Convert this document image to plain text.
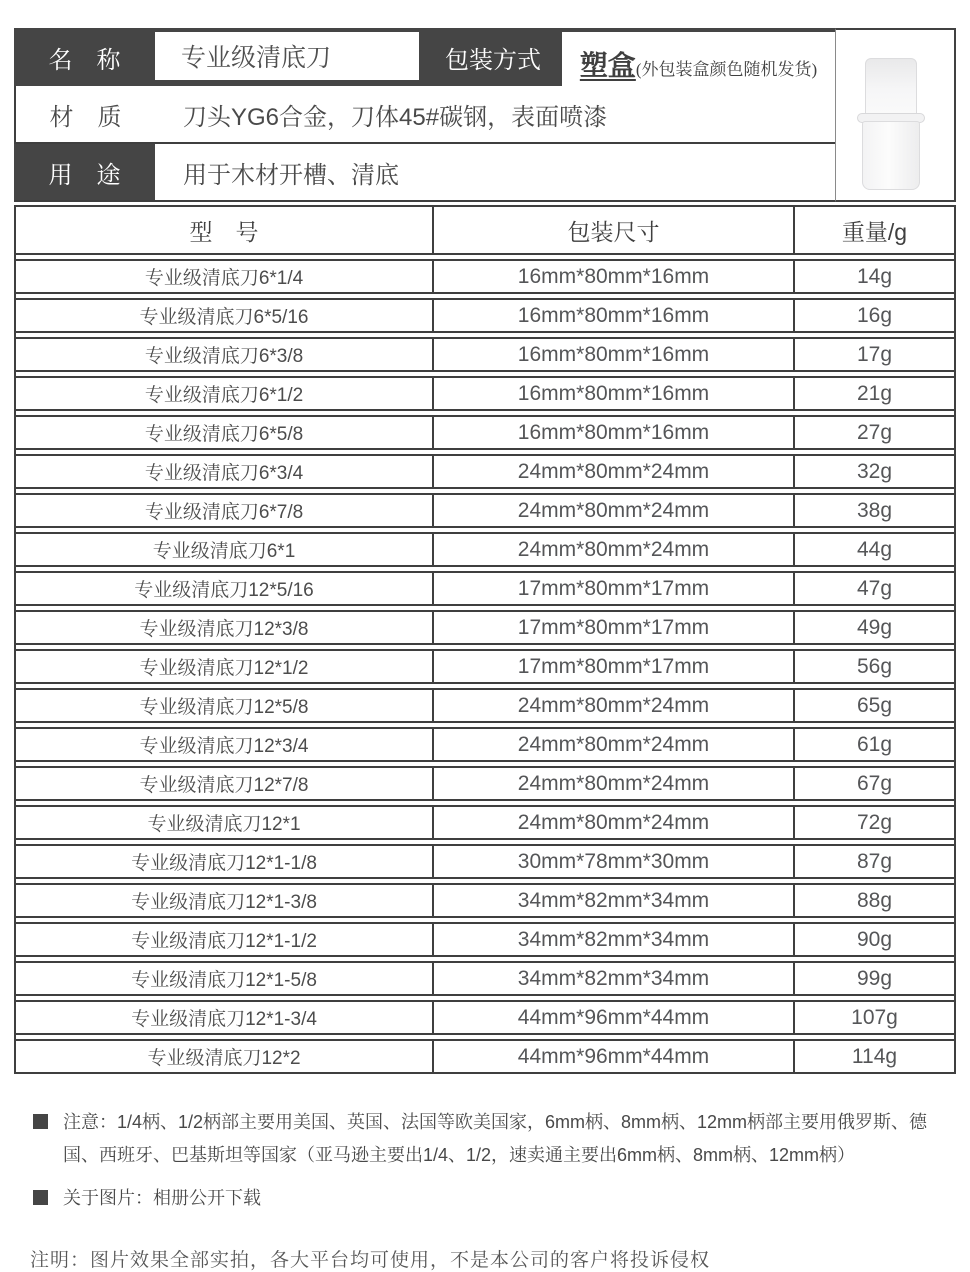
名　称	专业级清底刀	包装方式	塑盒 (外包装盒颜色随机发货)
材　质	刀头YG6合金，刀体45#碳钢，表面喷漆
用　途	用于木材开槽、清底
型　号	包装尺寸	重量/g
专业级清底刀6*1/4	16mm*80mm*16mm	14g
专业级清底刀6*5/16	16mm*80mm*16mm	16g
专业级清底刀6*3/8	16mm*80mm*16mm	17g
专业级清底刀6*1/2	16mm*80mm*16mm	21g
专业级清底刀6*5/8	16mm*80mm*16mm	27g
专业级清底刀6*3/4	24mm*80mm*24mm	32g
专业级清底刀6*7/8	24mm*80mm*24mm	38g
专业级清底刀6*1	24mm*80mm*24mm	44g
专业级清底刀12*5/16	17mm*80mm*17mm	47g
专业级清底刀12*3/8	17mm*80mm*17mm	49g
专业级清底刀12*1/2	17mm*80mm*17mm	56g
专业级清底刀12*5/8	24mm*80mm*24mm	65g
专业级清底刀12*3/4	24mm*80mm*24mm	61g
专业级清底刀12*7/8	24mm*80mm*24mm	67g
专业级清底刀12*1	24mm*80mm*24mm	72g
专业级清底刀12*1-1/8	30mm*78mm*30mm	87g
专业级清底刀12*1-3/8	34mm*82mm*34mm	88g
专业级清底刀12*1-1/2	34mm*82mm*34mm	90g
专业级清底刀12*1-5/8	34mm*82mm*34mm	99g
专业级清底刀12*1-3/4	44mm*96mm*44mm	107g
专业级清底刀12*2	44mm*96mm*44mm	114g
注意：1/4柄、1/2柄部主要用美国、英国、法国等欧美国家，6mm柄、8mm柄、12mm柄部主要用俄罗斯、德国、西班牙、巴基斯坦等国家（亚马逊主要出1/4、1/2，速卖通主要出6mm柄、8mm柄、12mm柄）
关于图片：相册公开下载
注明：图片效果全部实拍，各大平台均可使用，不是本公司的客户将投诉侵权
